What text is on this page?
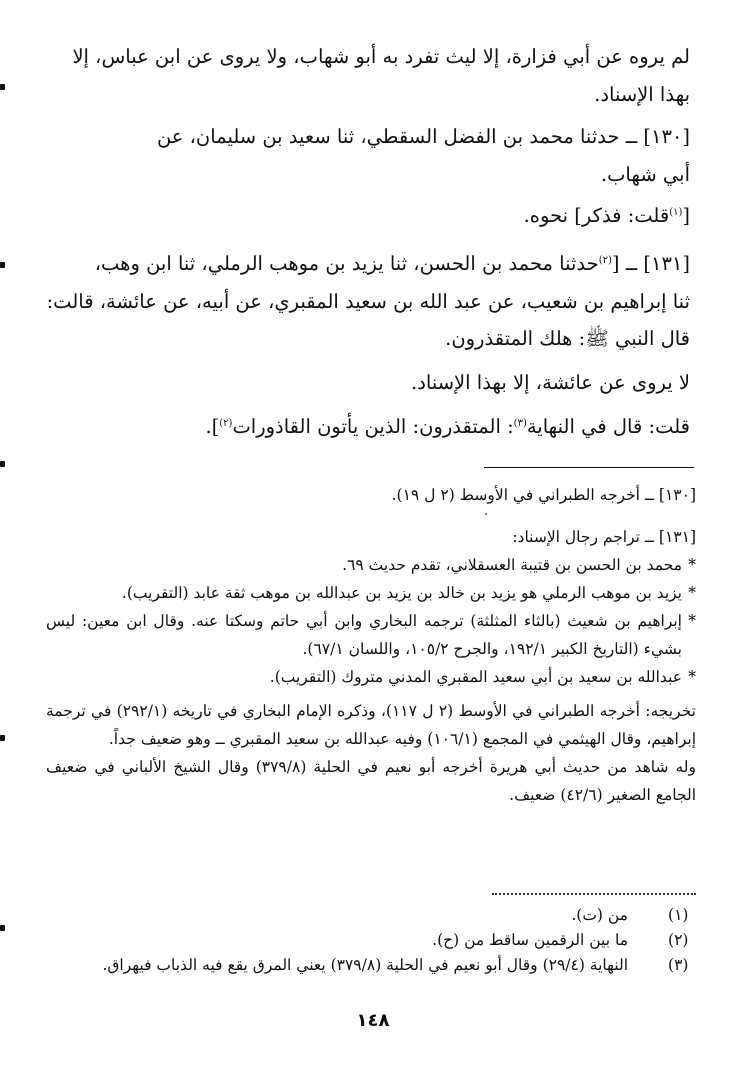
لم يروه عن أبي فزارة، إلا ليث تفرد به أبو شهاب، ولا يروى عن ابن عباس، إلا
بهذا الإسناد.
[١٣٠] ــ حدثنا محمد بن الفضل السقطي، ثنا سعيد بن سليمان، عن
أبي شهاب.
[$^{(١)}$قلت: فذكر] نحوه.
[١٣١] ــ [$^{(٢)}$حدثنا محمد بن الحسن، ثنا يزيد بن موهب الرملي، ثنا ابن وهب،
ثنا إبراهيم بن شعيب، عن عبد الله بن سعيد المقبري، عن أبيه، عن عائشة، قالت:
قال النبي ﷺ: هلك المتقذرون.
لا يروى عن عائشة، إلا بهذا الإسناد.
قلت: قال في النهاية$^{(٣)}$: المتقذرون: الذين يأتون القاذورات$^{(٢)}$].
[١٣٠] ــ أخرجه الطبراني في الأوسط (٢ ل ١٩).
[١٣١] ــ تراجم رجال الإسناد:
*
محمد بن الحسن بن قتيبة العسقلاني، تقدم حديث ٦٩.
*
يزيد بن موهب الرملي هو يزيد بن خالد بن يزيد بن عبدالله بن موهب ثقة عابد (التقريب).
*
إبراهيم بن شعيث (بالثاء المثلثة) ترجمه البخاري وابن أبي حاتم وسكتا عنه. وقال ابن معين: ليس بشيء (التاريخ الكبير ١٩٢/١، والجرح ١٠٥/٢، واللسان ٦٧/١).
*
عبدالله بن سعيد بن أبي سعيد المقبري المدني متروك (التقريب).
تخريجه: أخرجه الطبراني في الأوسط (٢ ل ١١٧)، وذكره الإمام البخاري في تاريخه (٢٩٢/١) في ترجمة إبراهيم، وقال الهيثمي في المجمع (١٠٦/١) وفيه عبدالله بن سعيد المقبري ــ وهو ضعيف جداً.
وله شاهد من حديث أبي هريرة أخرجه أبو نعيم في الحلية (٣٧٩/٨) وقال الشيخ الألباني في ضعيف الجامع الصغير (٤٢/٦) ضعيف.
(١)
من (ت).
(٢)
ما بين الرقمين ساقط من (ح).
(٣)
النهاية (٢٩/٤) وقال أبو نعيم في الحلية (٣٧٩/٨) يعني المرق يقع فيه الذباب فيهراق.
١٤٨
